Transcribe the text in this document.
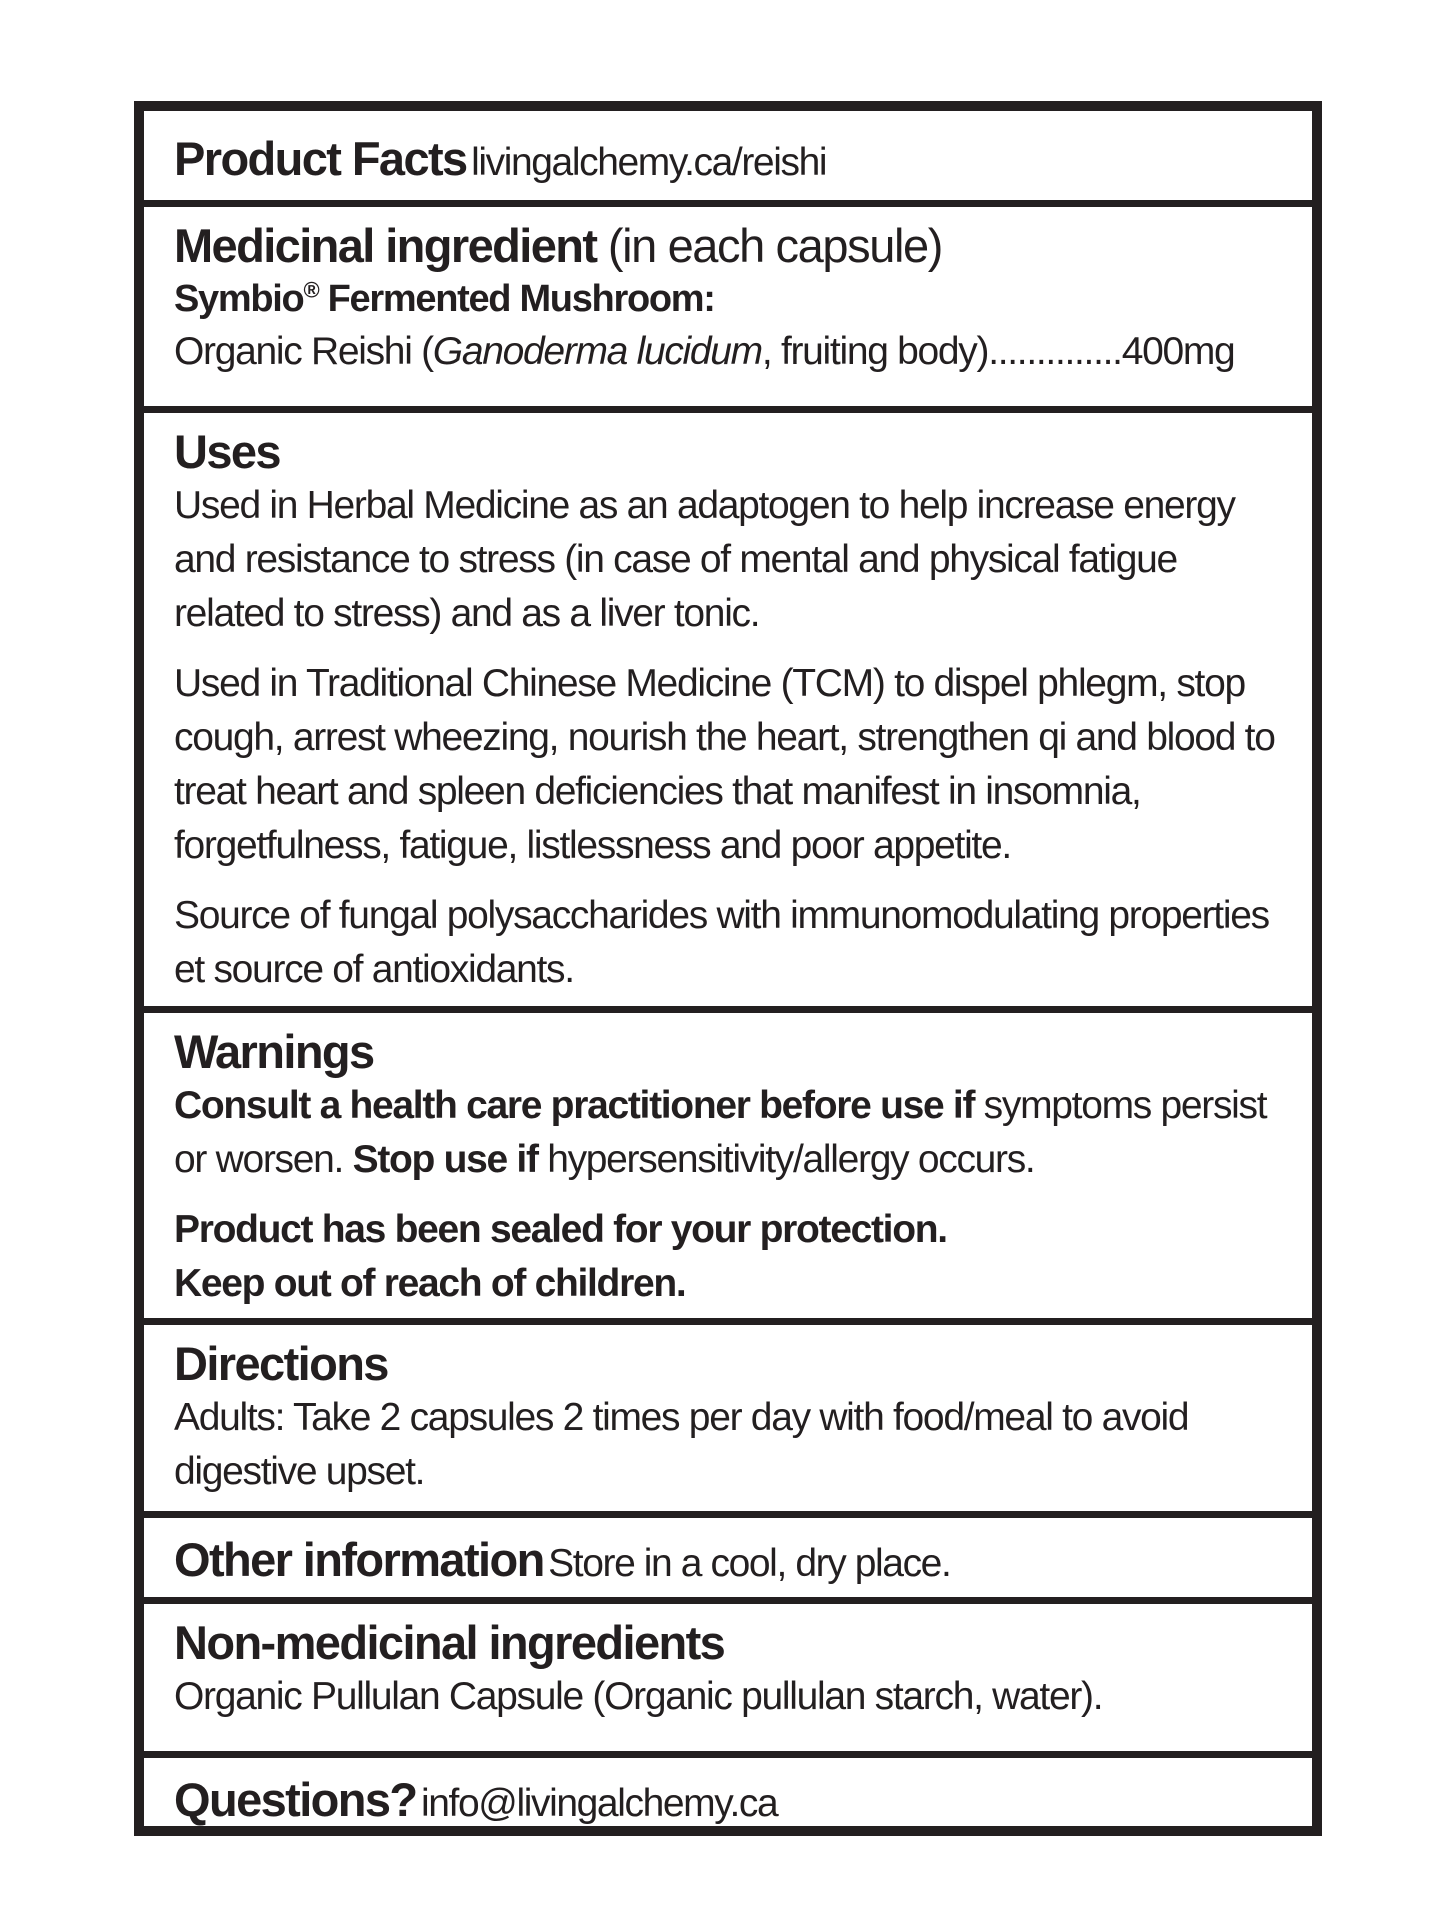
Product Facts livingalchemy.ca/reishi
Medicinal ingredient (in each capsule)
Symbio® Fermented Mushroom:
Organic Reishi (Ganoderma lucidum, fruiting body)..............400mg
Uses
Used in Herbal Medicine as an adaptogen to help increase energy and resistance to stress (in case of mental and physical fatigue related to stress) and as a liver tonic.
Used in Traditional Chinese Medicine (TCM) to dispel phlegm, stop cough, arrest wheezing, nourish the heart, strengthen qi and blood to treat heart and spleen deficiencies that manifest in insomnia, forgetfulness, fatigue, listlessness and poor appetite.
Source of fungal polysaccharides with immunomodulating properties et source of antioxidants.
Warnings
Consult a health care practitioner before use if symptoms persist or worsen. Stop use if hypersensitivity/allergy occurs.
Product has been sealed for your protection.
Keep out of reach of children.
Directions
Adults: Take 2 capsules 2 times per day with food/meal to avoid digestive upset.
Other information Store in a cool, dry place.
Non-medicinal ingredients
Organic Pullulan Capsule (Organic pullulan starch, water).
Questions? info@livingalchemy.ca
